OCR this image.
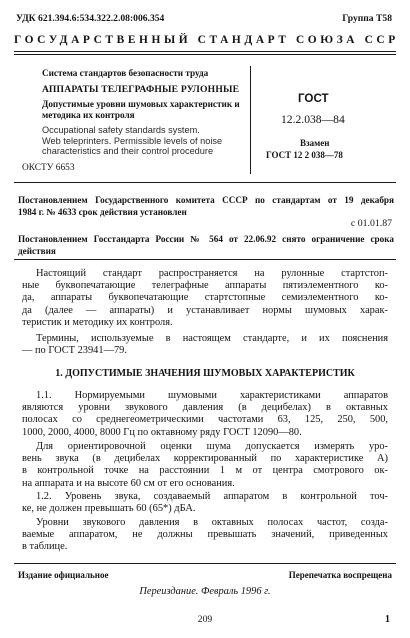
УДК 621.394.6:534.322.2.08:006.354	Группа Т58
ГОСУДАРСТВЕННЫЙ СТАНДАРТ СОЮЗА ССР
Система стандартов безопасности труда
АППАРАТЫ ТЕЛЕГРАФНЫЕ РУЛОННЫЕ
Допустимые уровни шумовых характеристик и
методика их контроля
Occupational safety standards system.
Web teleprinters. Permissible levels of noise
characteristics and their control procedure
ОКСТУ 6653
ГОСТ
12.2.038—84
Взамен
ГОСТ 12 2 038—78
Постановлением Государственного комитета СССР по стандартам от 19 декабря
1984 г. № 4633 срок действия установлен
с 01.01.87
Постановлением Госстандарта России № 564 от 22.06.92 снято ограничение срока
действия
Настоящий стандарт распространяется на рулонные стартстоп-
ные буквопечатающие телеграфные аппараты пятиэлементного ко-
да, аппараты буквопечатающие стартстопные семиэлементного ко-
да (далее — аппараты) и устанавливает нормы шумовых харак-
теристик и методику их контроля.
Термины, используемые в настоящем стандарте, и их пояснения
— по ГОСТ 23941—79.
1. ДОПУСТИМЫЕ ЗНАЧЕНИЯ ШУМОВЫХ ХАРАКТЕРИСТИК
1.1. Нормируемыми шумовыми характеристиками аппаратов
являются уровни звукового давления (в децибелах) в октавных
полосах со среднегеометрическими частотами 63, 125, 250, 500,
1000, 2000, 4000, 8000 Гц по октавному ряду ГОСТ 12090—80.
Для ориентировочной оценки шума допускается измерять уро-
вень звука (в децибелах корректированный по характеристике А)
в контрольной точке на расстоянии 1 м от центра смотрового ок-
на аппарата и на высоте 60 см от его основания.
1.2. Уровень звука, создаваемый аппаратом в контрольной точ-
ке, не должен превышать 60 (65*) дБА.
Уровни звукового давления в октавных полосах частот, созда-
ваемые аппаратом, не должны превышать значений, приведенных
в таблице.
Издание официальное	Перепечатка воспрещена
Переиздание. Февраль 1996 г.
209	1
